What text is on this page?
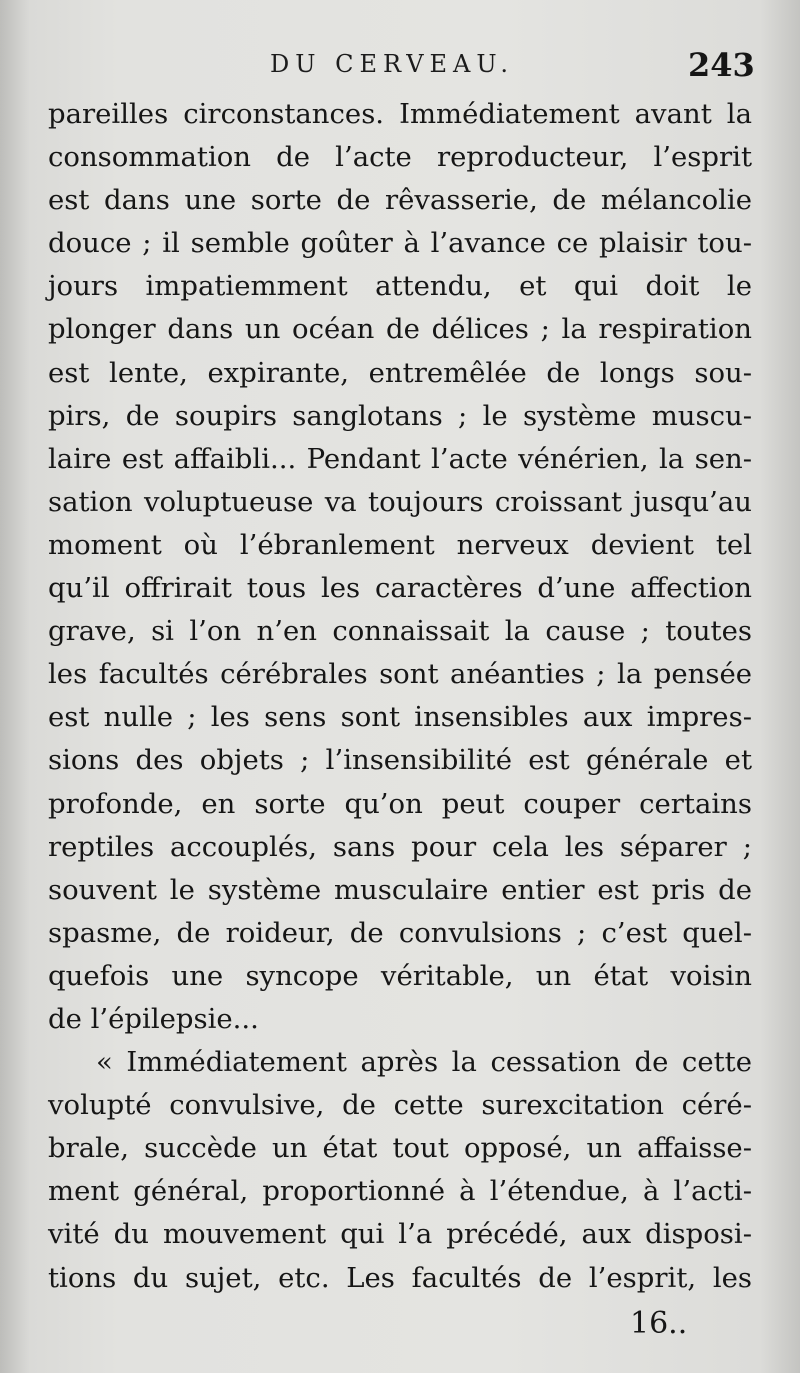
DU CERVEAU.	243
pareilles circonstances. Immédiatement avant la
consommation de l’acte reproducteur, l’esprit
est dans une sorte de rêvasserie, de mélancolie
douce ; il semble goûter à l’avance ce plaisir tou-
jours impatiemment attendu, et qui doit le
plonger dans un océan de délices ; la respiration
est lente, expirante, entremêlée de longs sou-
pirs, de soupirs sanglotans ; le système muscu-
laire est affaibli... Pendant l’acte vénérien, la sen-
sation voluptueuse va toujours croissant jusqu’au
moment où l’ébranlement nerveux devient tel
qu’il offrirait tous les caractères d’une affection
grave, si l’on n’en connaissait la cause ; toutes
les facultés cérébrales sont anéanties ; la pensée
est nulle ; les sens sont insensibles aux impres-
sions des objets ; l’insensibilité est générale et
profonde, en sorte qu’on peut couper certains
reptiles accouplés, sans pour cela les séparer ;
souvent le système musculaire entier est pris de
spasme, de roideur, de convulsions ; c’est quel-
quefois une syncope véritable, un état voisin
de l’épilepsie...
« Immédiatement après la cessation de cette
volupté convulsive, de cette surexcitation céré-
brale, succède un état tout opposé, un affaisse-
ment général, proportionné à l’étendue, à l’acti-
vité du mouvement qui l’a précédé, aux disposi-
tions du sujet, etc. Les facultés de l’esprit, les
16..
